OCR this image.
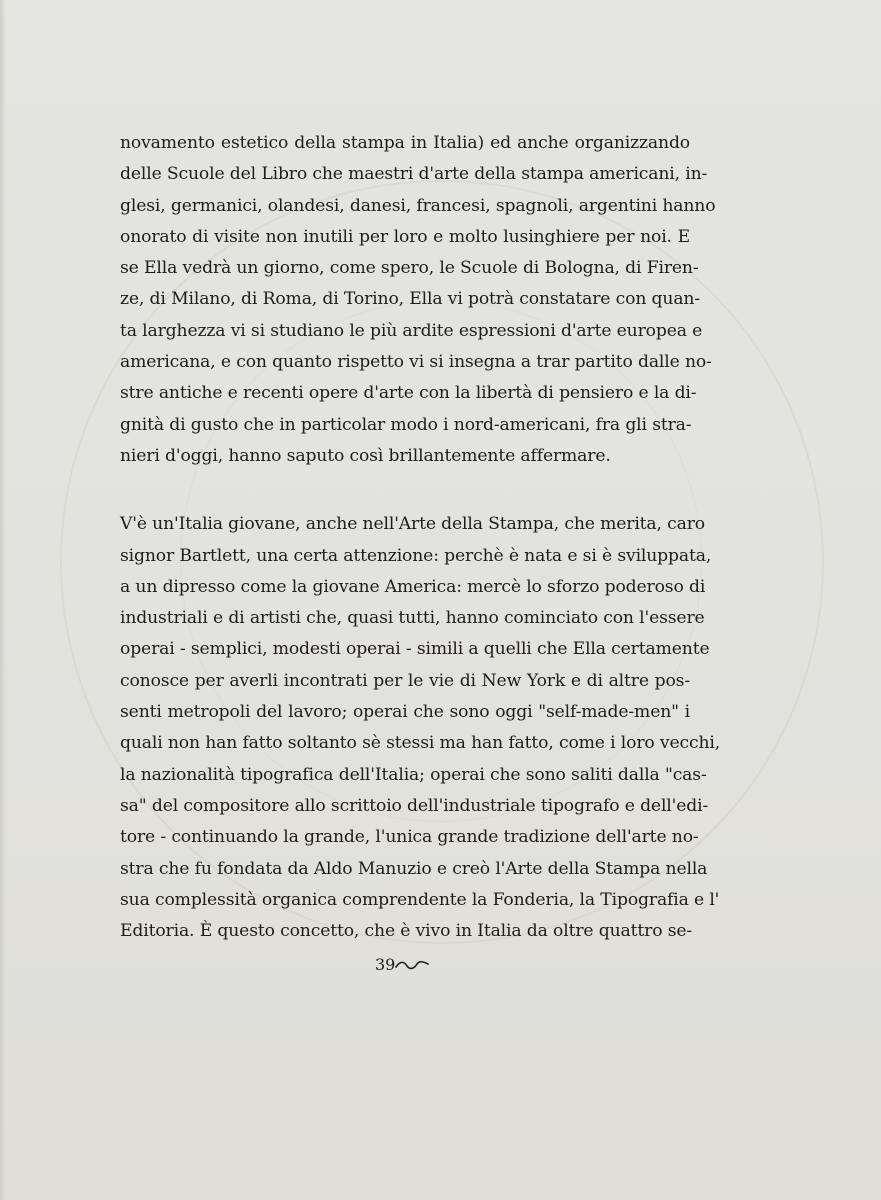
novamento estetico della stampa in Italia) ed anche organizzando
delle Scuole del Libro che maestri d'arte della stampa americani, in-
glesi, germanici, olandesi, danesi, francesi, spagnoli, argentini hanno
onorato di visite non inutili per loro e molto lusinghiere per noi. E
se Ella vedrà un giorno, come spero, le Scuole di Bologna, di Firen-
ze, di Milano, di Roma, di Torino, Ella vi potrà constatare con quan-
ta larghezza vi si studiano le più ardite espressioni d'arte europea e
americana, e con quanto rispetto vi si insegna a trar partito dalle no-
stre antiche e recenti opere d'arte con la libertà di pensiero e la di-
gnità di gusto che in particolar modo i nord-americani, fra gli stra-
nieri d'oggi, hanno saputo così brillantemente affermare.
V'è un'Italia giovane, anche nell'Arte della Stampa, che merita, caro
signor Bartlett, una certa attenzione: perchè è nata e si è sviluppata,
a un dipresso come la giovane America: mercè lo sforzo poderoso di
industriali e di artisti che, quasi tutti, hanno cominciato con l'essere
operai - semplici, modesti operai - simili a quelli che Ella certamente
conosce per averli incontrati per le vie di New York e di altre pos-
senti metropoli del lavoro; operai che sono oggi "self-made-men" i
quali non han fatto soltanto sè stessi ma han fatto, come i loro vecchi,
la nazionalità tipografica dell'Italia; operai che sono saliti dalla "cas-
sa" del compositore allo scrittoio dell'industriale tipografo e dell'edi-
tore - continuando la grande, l'unica grande tradizione dell'arte no-
stra che fu fondata da Aldo Manuzio e creò l'Arte della Stampa nella
sua complessità organica comprendente la Fonderia, la Tipografia e l'
Editoria. È questo concetto, che è vivo in Italia da oltre quattro se-
39
